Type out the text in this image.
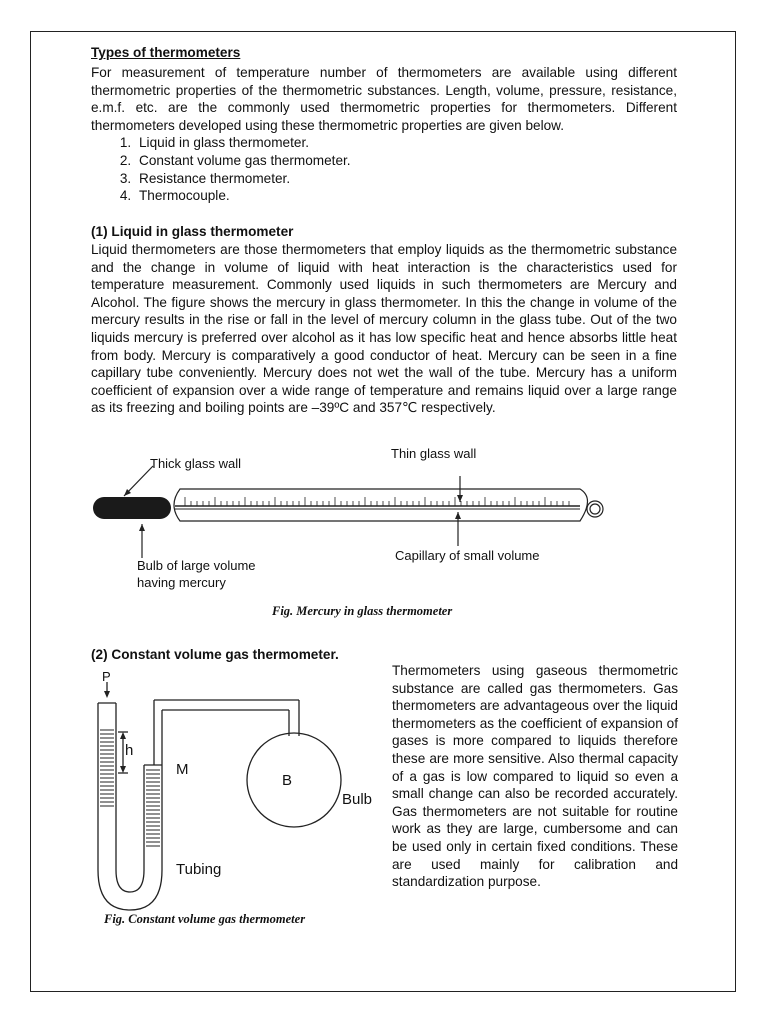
Types of thermometers

For measurement of temperature number of thermometers are available using different thermometric properties of the thermometric substances. Length, volume, pressure, resistance, e.m.f. etc. are the commonly used thermometric properties for thermometers. Different thermometers developed using these thermometric properties are given below.

1. Liquid in glass thermometer.
2. Constant volume gas thermometer.
3. Resistance thermometer.
4. Thermocouple.
(1) Liquid in glass thermometer

Liquid thermometers are those thermometers that employ liquids as the thermometric substance and the change in volume of liquid with heat interaction is the characteristics used for temperature measurement. Commonly used liquids in such thermometers are Mercury and Alcohol. The figure shows the mercury in glass thermometer. In this the change in volume of the mercury results in the rise or fall in the level of mercury column in the glass tube. Out of the two liquids mercury is preferred over alcohol as it has low specific heat and hence absorbs little heat from body. Mercury is comparatively a good conductor of heat. Mercury can be seen in a fine capillary tube conveniently. Mercury does not wet the wall of the tube. Mercury has a uniform coefficient of expansion over a wide range of temperature and remains liquid over a large range as its freezing and boiling points are –39ºC and 357℃ respectively.

Thick glass wall
Thin glass wall
Bulb of large volume
having mercury
Capillary of small volume
Fig. Mercury in glass thermometer
(2) Constant volume gas thermometer.
P
h
M
B
Bulb
Tubing
Fig. Constant volume gas thermometer

Thermometers using gaseous thermometric substance are called gas thermometers. Gas thermometers are advantageous over the liquid thermometers as the coefficient of expansion of gases is more compared to liquids therefore these are more sensitive. Also thermal capacity of a gas is low compared to liquid so even a small change can also be recorded accurately. Gas thermometers are not suitable for routine work as they are large, cumbersome and can be used only in certain fixed conditions. These are used mainly for calibration and standardization purpose.
